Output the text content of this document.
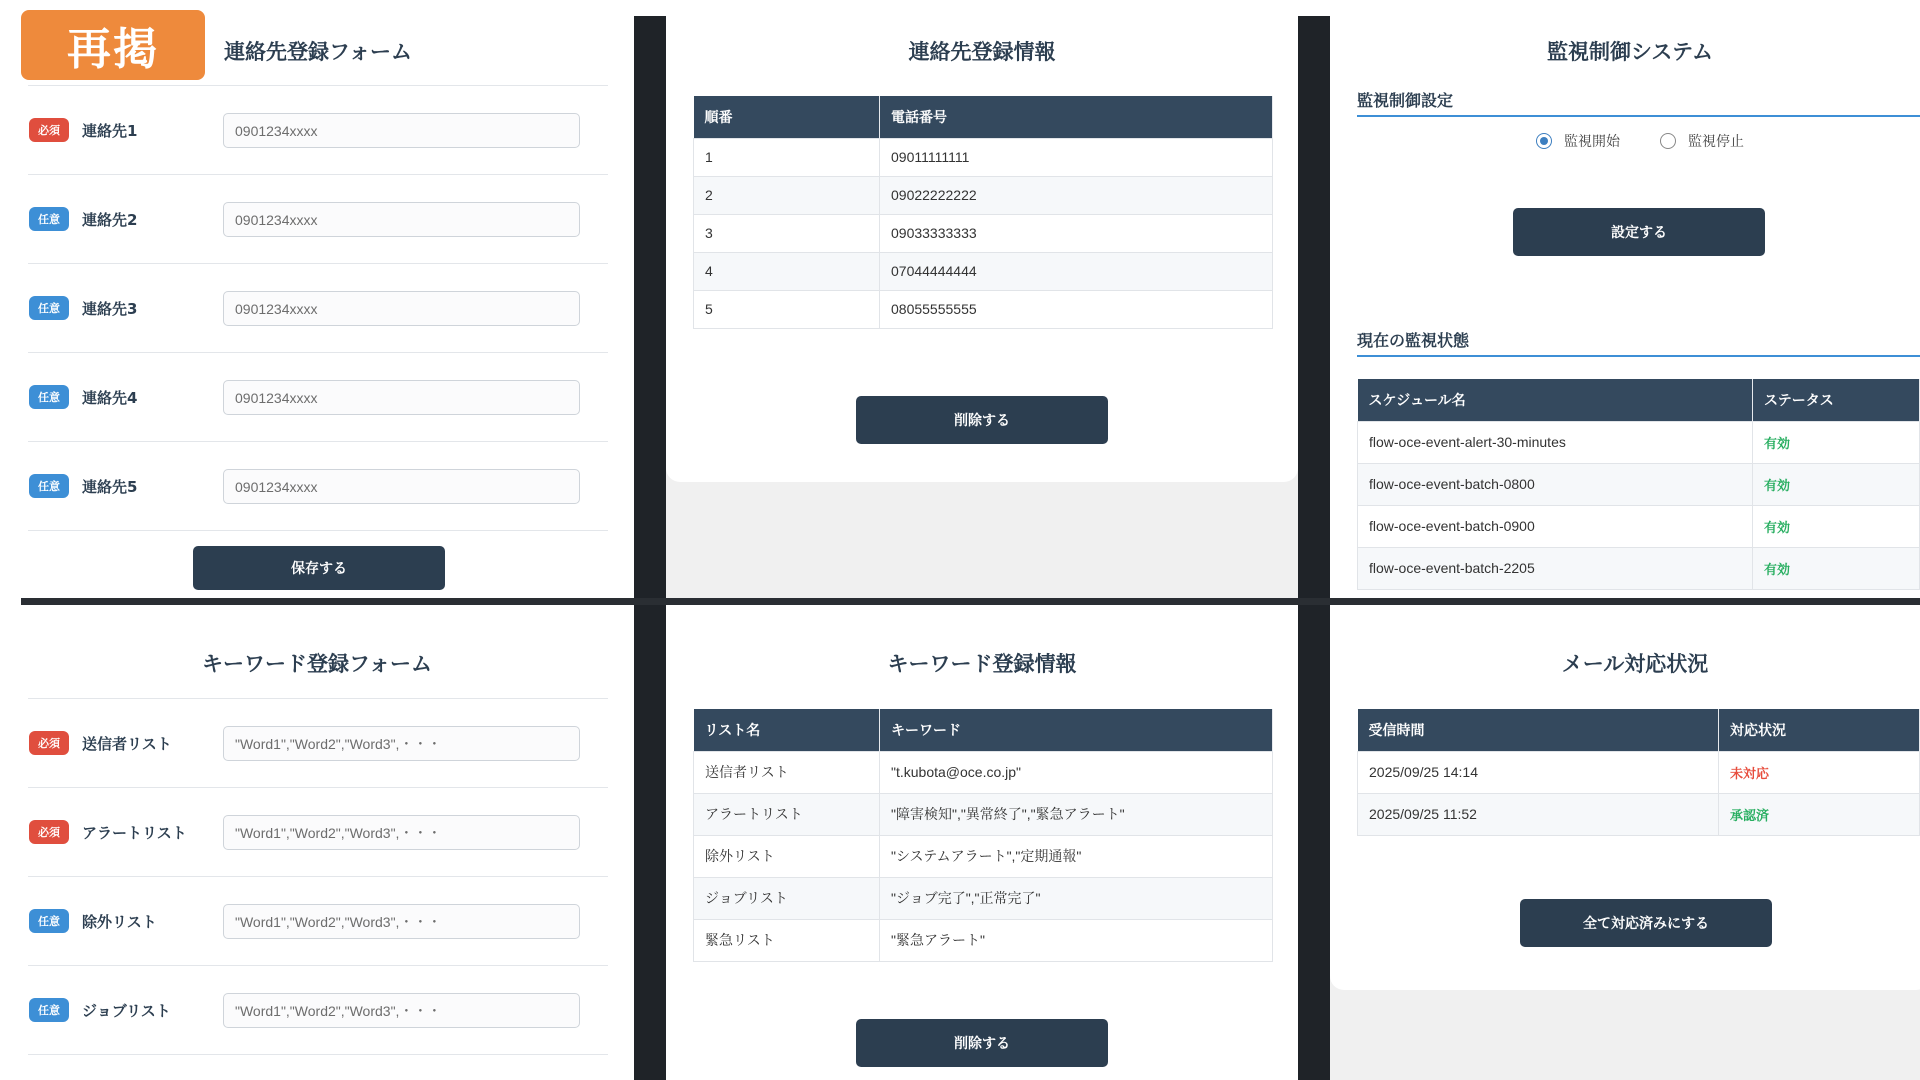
再掲	連絡先登録フォーム
必須	連絡先1
0901234xxxx
任意	連絡先2
0901234xxxx
任意	連絡先3
0901234xxxx
任意	連絡先4
0901234xxxx
任意	連絡先5
0901234xxxx
保存する
連絡先登録情報
順番	電話番号
1	09011111111
2	09022222222
3	09033333333
4	07044444444
5	08055555555
削除する
監視制御システム
監視制御設定
監視開始	監視停止
設定する
現在の監視状態
スケジュール名	ステータス
flow-oce-event-alert-30-minutes	有効
flow-oce-event-batch-0800	有効
flow-oce-event-batch-0900	有効
flow-oce-event-batch-2205	有効
キーワード登録フォーム
必須	送信者リスト
"Word1","Word2","Word3",・・・
必須	アラートリスト
"Word1","Word2","Word3",・・・
任意	除外リスト
"Word1","Word2","Word3",・・・
任意	ジョブリスト
"Word1","Word2","Word3",・・・
キーワード登録情報
リスト名	キーワード
送信者リスト	"t.kubota@oce.co.jp"
アラートリスト	"障害検知","異常終了","緊急アラート"
除外リスト	"システムアラート","定期通報"
ジョブリスト	"ジョブ完了","正常完了"
緊急リスト	"緊急アラート"
削除する
メール対応状況
受信時間	対応状況
2025/09/25 14:14	未対応
2025/09/25 11:52	承認済
全て対応済みにする
